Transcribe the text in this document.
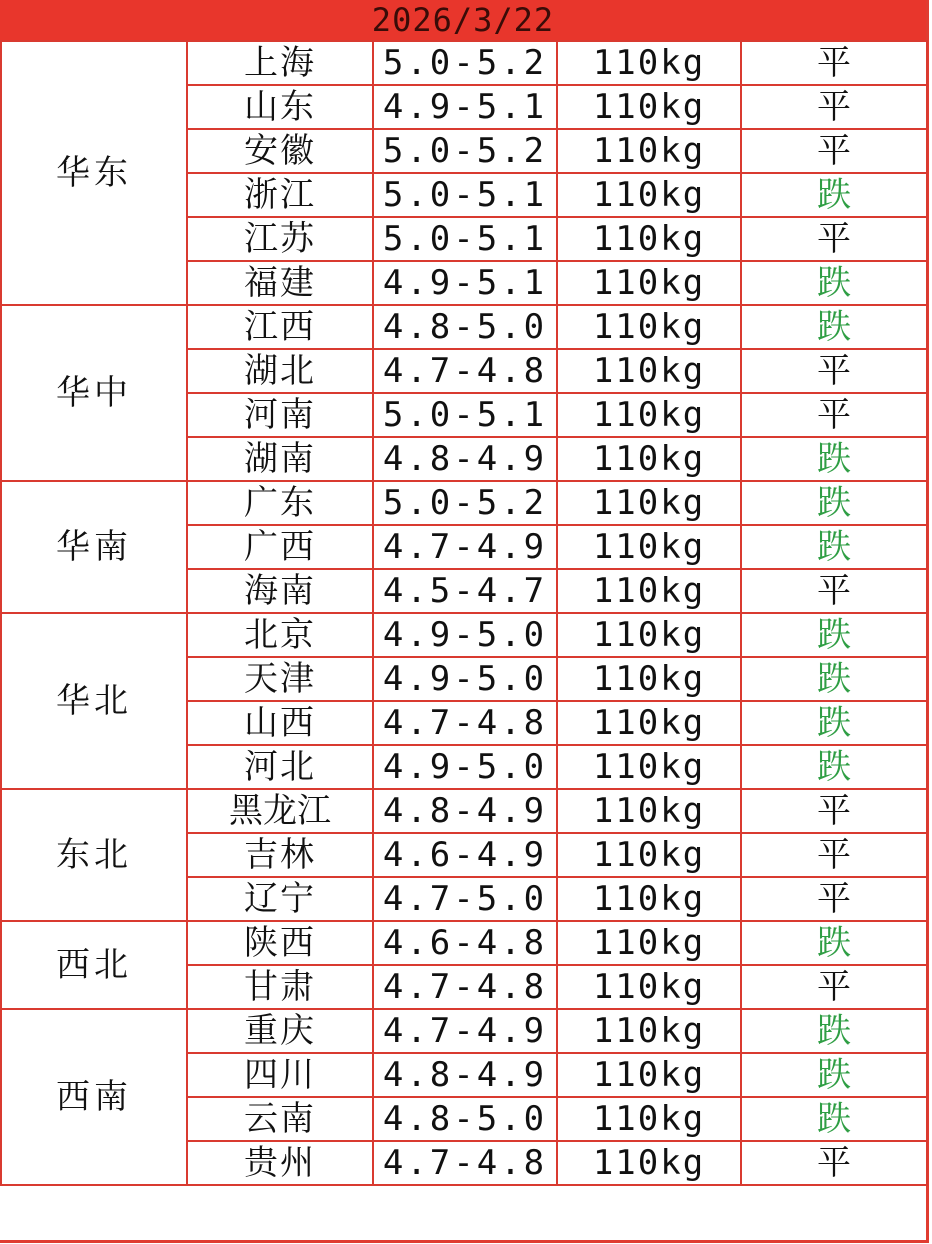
2026/3/22
华东	上海	5.0-5.2	110kg	平
	山东	4.9-5.1	110kg	平
	安徽	5.0-5.2	110kg	平
	浙江	5.0-5.1	110kg	跌
	江苏	5.0-5.1	110kg	平
	福建	4.9-5.1	110kg	跌
华中	江西	4.8-5.0	110kg	跌
	湖北	4.7-4.8	110kg	平
	河南	5.0-5.1	110kg	平
	湖南	4.8-4.9	110kg	跌
华南	广东	5.0-5.2	110kg	跌
	广西	4.7-4.9	110kg	跌
	海南	4.5-4.7	110kg	平
华北	北京	4.9-5.0	110kg	跌
	天津	4.9-5.0	110kg	跌
	山西	4.7-4.8	110kg	跌
	河北	4.9-5.0	110kg	跌
东北	黑龙江	4.8-4.9	110kg	平
	吉林	4.6-4.9	110kg	平
	辽宁	4.7-5.0	110kg	平
西北	陕西	4.6-4.8	110kg	跌
	甘肃	4.7-4.8	110kg	平
西南	重庆	4.7-4.9	110kg	跌
	四川	4.8-4.9	110kg	跌
	云南	4.8-5.0	110kg	跌
	贵州	4.7-4.8	110kg	平
